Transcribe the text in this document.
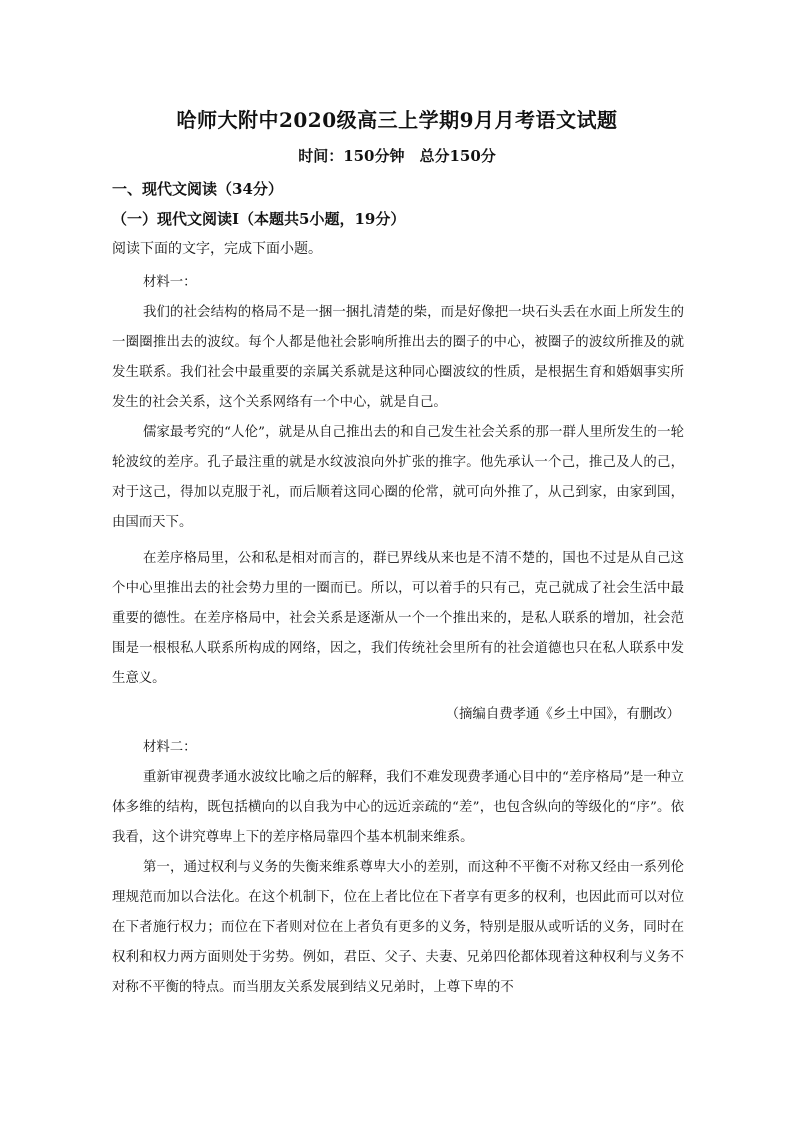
哈师大附中2020级高三上学期9月月考语文试题
时间：150分钟　总分150分
一、现代文阅读（34分）
（一）现代文阅读Ⅰ（本题共5小题，19分）
阅读下面的文字，完成下面小题。
材料一：
我们的社会结构的格局不是一捆一捆扎清楚的柴，而是好像把一块石头丢在水面上所发生的一圈圈推出去的波纹。每个人都是他社会影响所推出去的圈子的中心，被圈子的波纹所推及的就发生联系。我们社会中最重要的亲属关系就是这种同心圈波纹的性质，是根据生育和婚姻事实所发生的社会关系，这个关系网络有一个中心，就是自己。
儒家最考究的“人伦”，就是从自己推出去的和自己发生社会关系的那一群人里所发生的一轮轮波纹的差序。孔子最注重的就是水纹波浪向外扩张的推字。他先承认一个己，推己及人的己，对于这己，得加以克服于礼，而后顺着这同心圈的伦常，就可向外推了，从己到家，由家到国，由国而天下。
在差序格局里，公和私是相对而言的，群已界线从来也是不清不楚的，国也不过是从自己这个中心里推出去的社会势力里的一圈而已。所以，可以着手的只有己，克己就成了社会生活中最重要的德性。在差序格局中，社会关系是逐渐从一个一个推出来的，是私人联系的增加，社会范围是一根根私人联系所构成的网络，因之，我们传统社会里所有的社会道德也只在私人联系中发生意义。
（摘编自费孝通《乡土中国》，有删改）
材料二：
重新审视费孝通水波纹比喻之后的解释，我们不难发现费孝通心目中的“差序格局”是一种立体多维的结构，既包括横向的以自我为中心的远近亲疏的“差”，也包含纵向的等级化的“序”。依我看，这个讲究尊卑上下的差序格局靠四个基本机制来维系。
第一，通过权利与义务的失衡来维系尊卑大小的差别，而这种不平衡不对称又经由一系列伦理规范而加以合法化。在这个机制下，位在上者比位在下者享有更多的权利，也因此而可以对位在下者施行权力；而位在下者则对位在上者负有更多的义务，特别是服从或听话的义务，同时在权利和权力两方面则处于劣势。例如，君臣、父子、夫妻、兄弟四伦都体现着这种权利与义务不对称不平衡的特点。而当朋友关系发展到结义兄弟时，上尊下卑的不
